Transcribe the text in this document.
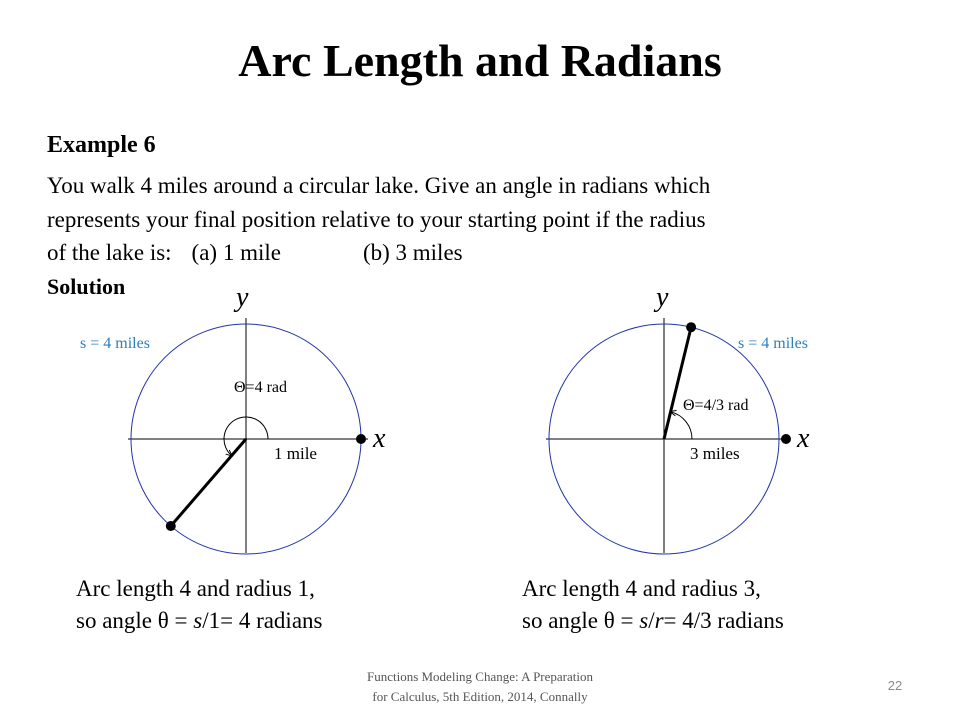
Arc Length and Radians
Example 6
You walk 4 miles around a circular lake. Give an angle in radians which
represents your final position relative to your starting point if the radius
of the lake is: (a) 1 mile	(b) 3 miles
Solution	y
x
s = 4 miles
Θ=4 rad
1 mile
y
x
s = 4 miles
Θ=4/3 rad
3 miles
Arc length 4 and radius 1,
so angle θ = s/1= 4 radians
Arc length 4 and radius 3,
so angle θ = s/r= 4/3 radians
Functions Modeling Change: A Preparation
for Calculus, 5th Edition, 2014, Connally
22
